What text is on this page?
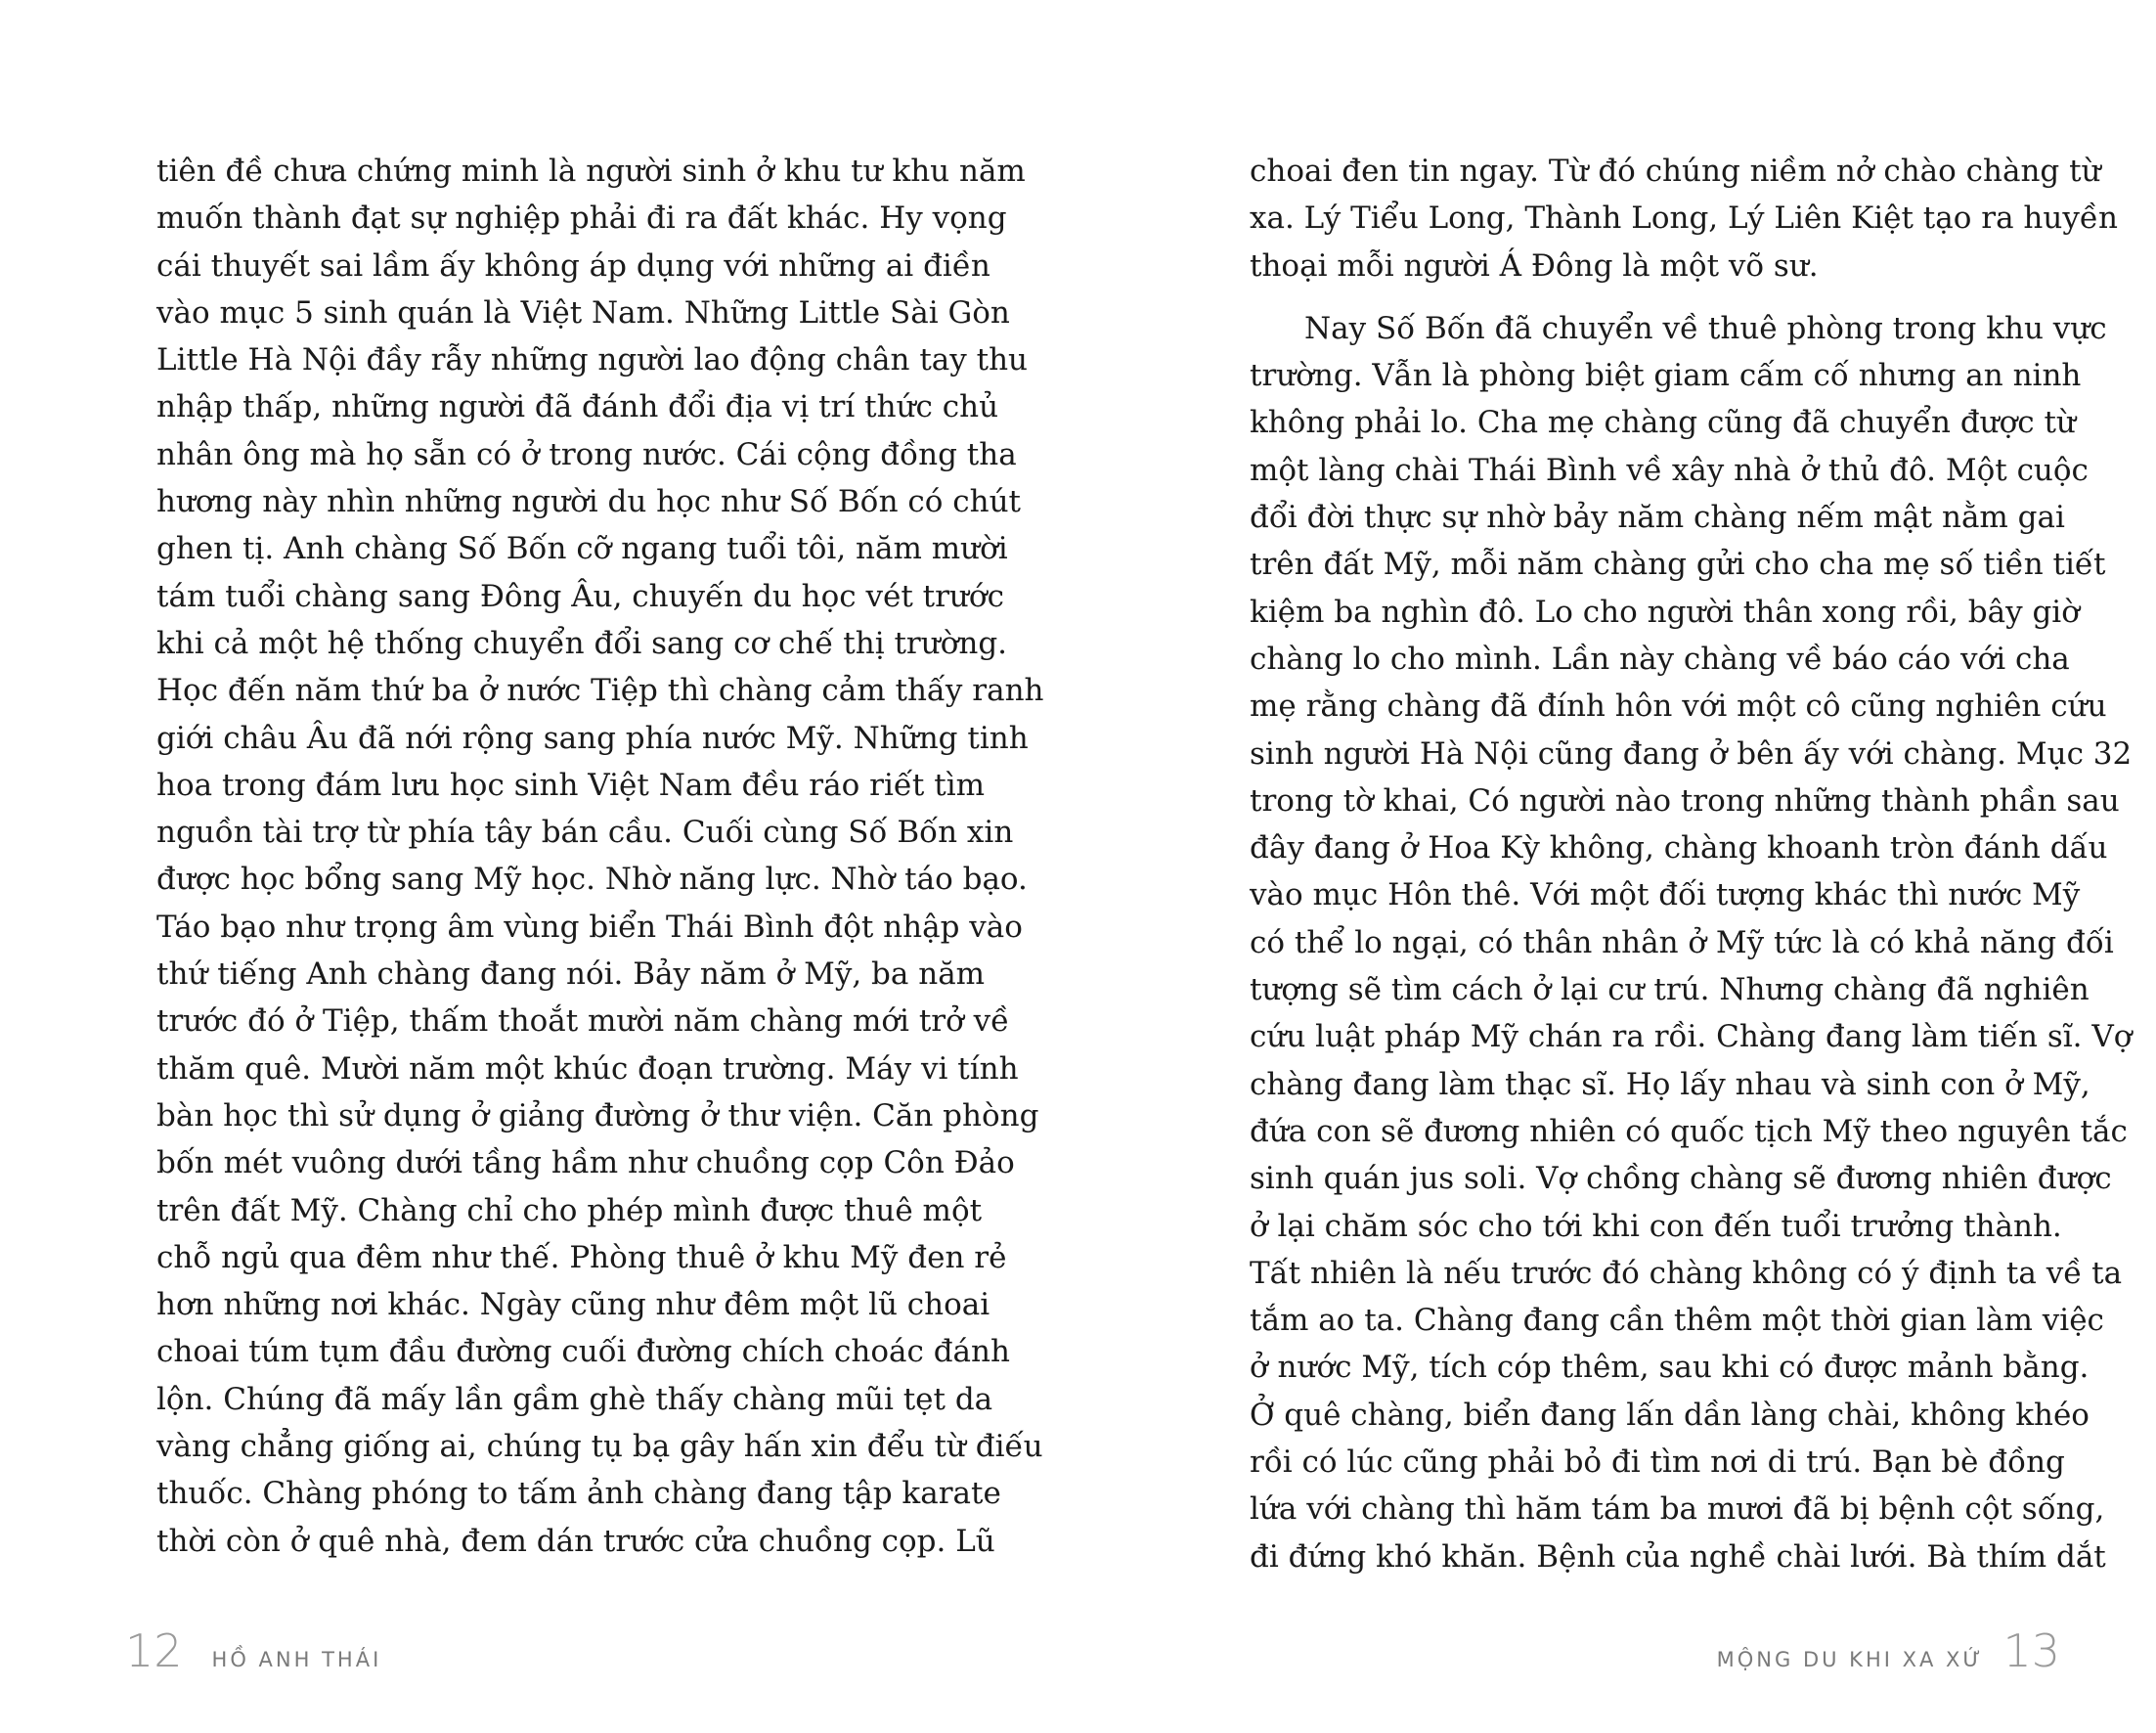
tiên đề chưa chứng minh là người sinh ở khu tư khu năm
muốn thành đạt sự nghiệp phải đi ra đất khác. Hy vọng
cái thuyết sai lầm ấy không áp dụng với những ai điền
vào mục 5 sinh quán là Việt Nam. Những Little Sài Gòn
Little Hà Nội đầy rẫy những người lao động chân tay thu
nhập thấp, những người đã đánh đổi địa vị trí thức chủ
nhân ông mà họ sẵn có ở trong nước. Cái cộng đồng tha
hương này nhìn những người du học như Số Bốn có chút
ghen tị. Anh chàng Số Bốn cỡ ngang tuổi tôi, năm mười
tám tuổi chàng sang Đông Âu, chuyến du học vét trước
khi cả một hệ thống chuyển đổi sang cơ chế thị trường.
Học đến năm thứ ba ở nước Tiệp thì chàng cảm thấy ranh
giới châu Âu đã nới rộng sang phía nước Mỹ. Những tinh
hoa trong đám lưu học sinh Việt Nam đều ráo riết tìm
nguồn tài trợ từ phía tây bán cầu. Cuối cùng Số Bốn xin
được học bổng sang Mỹ học. Nhờ năng lực. Nhờ táo bạo.
Táo bạo như trọng âm vùng biển Thái Bình đột nhập vào
thứ tiếng Anh chàng đang nói. Bảy năm ở Mỹ, ba năm
trước đó ở Tiệp, thấm thoắt mười năm chàng mới trở về
thăm quê. Mười năm một khúc đoạn trường. Máy vi tính
bàn học thì sử dụng ở giảng đường ở thư viện. Căn phòng
bốn mét vuông dưới tầng hầm như chuồng cọp Côn Đảo
trên đất Mỹ. Chàng chỉ cho phép mình được thuê một
chỗ ngủ qua đêm như thế. Phòng thuê ở khu Mỹ đen rẻ
hơn những nơi khác. Ngày cũng như đêm một lũ choai
choai túm tụm đầu đường cuối đường chích choác đánh
lộn. Chúng đã mấy lần gầm ghè thấy chàng mũi tẹt da
vàng chẳng giống ai, chúng tụ bạ gây hấn xin đểu từ điếu
thuốc. Chàng phóng to tấm ảnh chàng đang tập karate
thời còn ở quê nhà, đem dán trước cửa chuồng cọp. Lũ
12 HỒ ANH THÁI
choai đen tin ngay. Từ đó chúng niềm nở chào chàng từ
xa. Lý Tiểu Long, Thành Long, Lý Liên Kiệt tạo ra huyền
thoại mỗi người Á Đông là một võ sư.
Nay Số Bốn đã chuyển về thuê phòng trong khu vực
trường. Vẫn là phòng biệt giam cấm cố nhưng an ninh
không phải lo. Cha mẹ chàng cũng đã chuyển được từ
một làng chài Thái Bình về xây nhà ở thủ đô. Một cuộc
đổi đời thực sự nhờ bảy năm chàng nếm mật nằm gai
trên đất Mỹ, mỗi năm chàng gửi cho cha mẹ số tiền tiết
kiệm ba nghìn đô. Lo cho người thân xong rồi, bây giờ
chàng lo cho mình. Lần này chàng về báo cáo với cha
mẹ rằng chàng đã đính hôn với một cô cũng nghiên cứu
sinh người Hà Nội cũng đang ở bên ấy với chàng. Mục 32
trong tờ khai, Có người nào trong những thành phần sau
đây đang ở Hoa Kỳ không, chàng khoanh tròn đánh dấu
vào mục Hôn thê. Với một đối tượng khác thì nước Mỹ
có thể lo ngại, có thân nhân ở Mỹ tức là có khả năng đối
tượng sẽ tìm cách ở lại cư trú. Nhưng chàng đã nghiên
cứu luật pháp Mỹ chán ra rồi. Chàng đang làm tiến sĩ. Vợ
chàng đang làm thạc sĩ. Họ lấy nhau và sinh con ở Mỹ,
đứa con sẽ đương nhiên có quốc tịch Mỹ theo nguyên tắc
sinh quán jus soli. Vợ chồng chàng sẽ đương nhiên được
ở lại chăm sóc cho tới khi con đến tuổi trưởng thành.
Tất nhiên là nếu trước đó chàng không có ý định ta về ta
tắm ao ta. Chàng đang cần thêm một thời gian làm việc
ở nước Mỹ, tích cóp thêm, sau khi có được mảnh bằng.
Ở quê chàng, biển đang lấn dần làng chài, không khéo
rồi có lúc cũng phải bỏ đi tìm nơi di trú. Bạn bè đồng
lứa với chàng thì hăm tám ba mươi đã bị bệnh cột sống,
đi đứng khó khăn. Bệnh của nghề chài lưới. Bà thím dắt
MỘNG DU KHI XA XỨ 13
